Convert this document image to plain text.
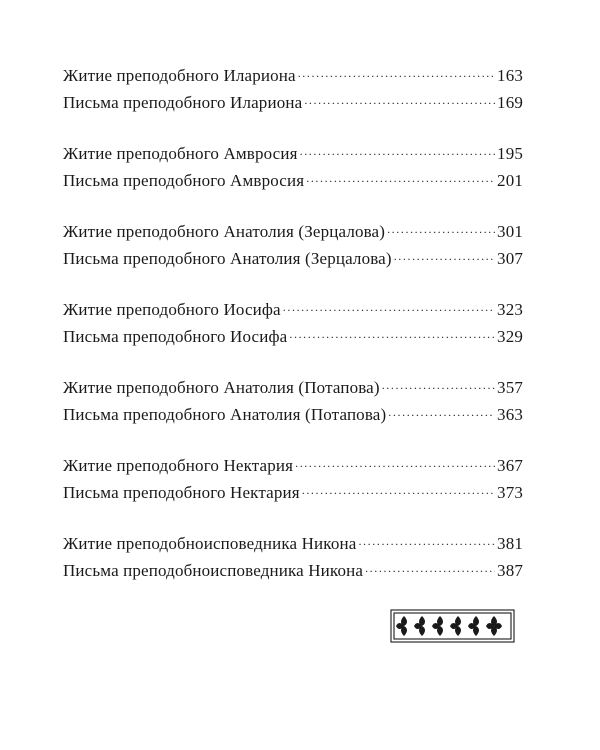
Житие преподобного Илариона .....	163
Письма преподобного Илариона .....	169
Житие преподобного Амвросия .....	195
Письма преподобного Амвросия .....	201
Житие преподобного Анатолия (Зерцалова) .....	301
Письма преподобного Анатолия (Зерцалова) .....	307
Житие преподобного Иосифа .....	323
Письма преподобного Иосифа .....	329
Житие преподобного Анатолия (Потапова) .....	357
Письма преподобного Анатолия (Потапова) .....	363
Житие преподобного Нектария .....	367
Письма преподобного Нектария .....	373
Житие преподобноисповедника Никона .....	381
Письма преподобноисповедника Никона .....	387
